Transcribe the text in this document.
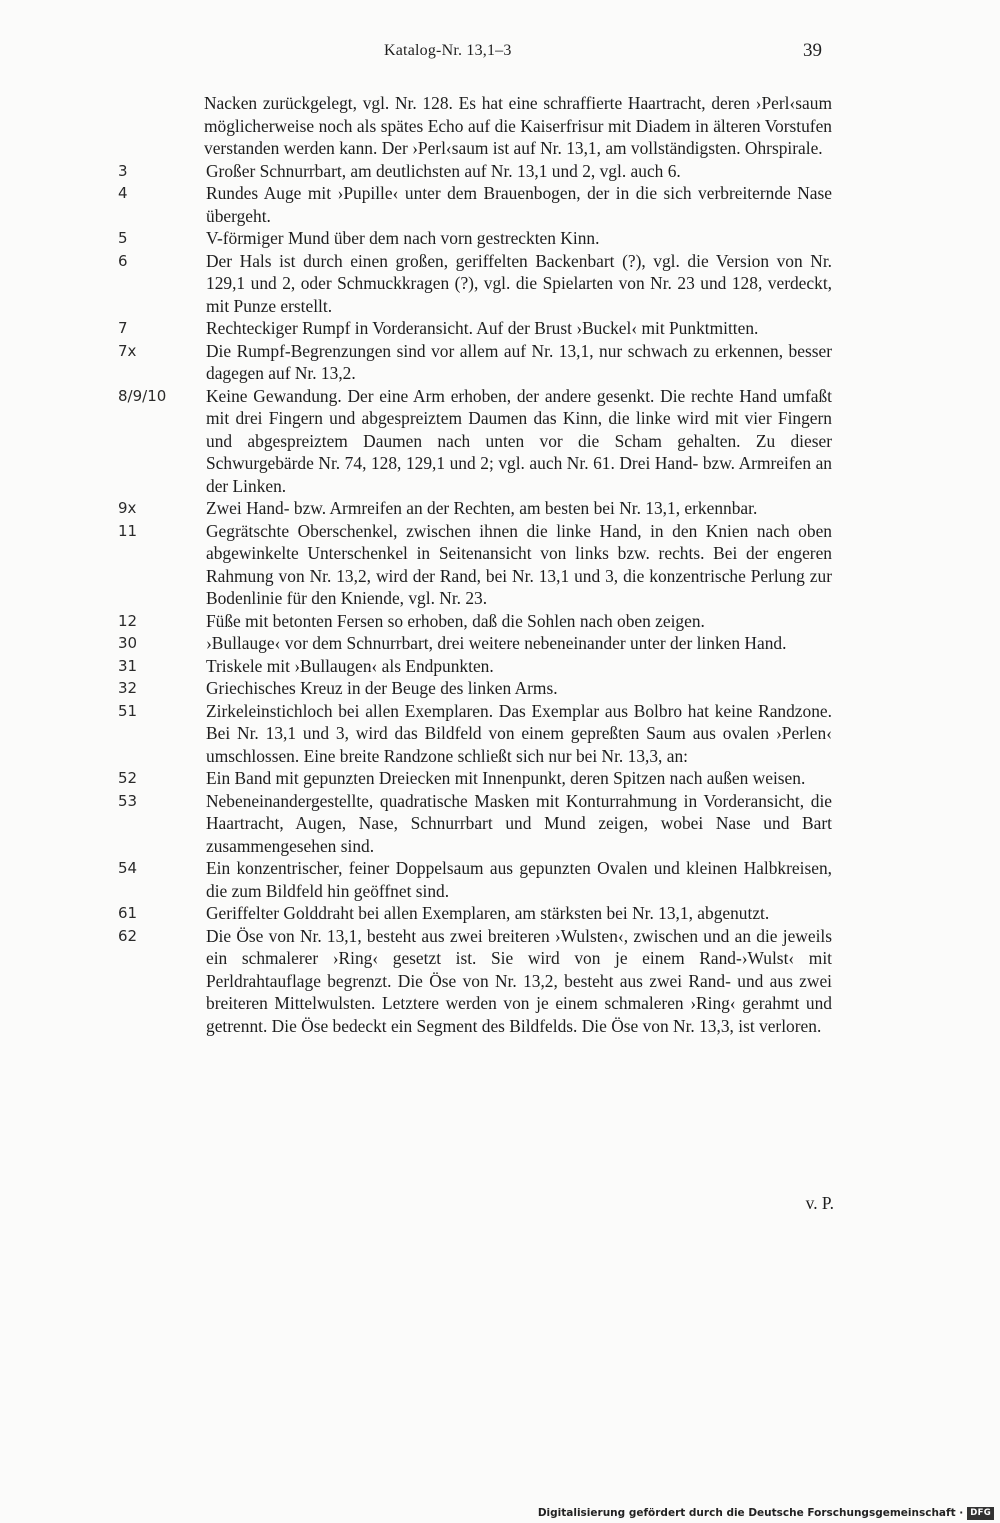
Katalog-Nr. 13,1–3	39
Nacken zurückgelegt, vgl. Nr. 128. Es hat eine schraffierte Haartracht, deren ›Perl‹saum möglicherweise noch als spätes Echo auf die Kaiserfrisur mit Diadem in älteren Vorstufen verstanden werden kann. Der ›Perl‹saum ist auf Nr. 13,1, am vollständigsten. Ohrspirale.
3	Großer Schnurrbart, am deutlichsten auf Nr. 13,1 und 2, vgl. auch 6.
4	Rundes Auge mit ›Pupille‹ unter dem Brauenbogen, der in die sich verbreiternde Nase übergeht.
5	V-förmiger Mund über dem nach vorn gestreckten Kinn.
6	Der Hals ist durch einen großen, geriffelten Backenbart (?), vgl. die Version von Nr. 129,1 und 2, oder Schmuckkragen (?), vgl. die Spielarten von Nr. 23 und 128, verdeckt, mit Punze erstellt.
7	Rechteckiger Rumpf in Vorderansicht. Auf der Brust ›Buckel‹ mit Punktmitten.
7x	Die Rumpf-Begrenzungen sind vor allem auf Nr. 13,1, nur schwach zu erkennen, besser dagegen auf Nr. 13,2.
8/9/10	Keine Gewandung. Der eine Arm erhoben, der andere gesenkt. Die rechte Hand umfaßt mit drei Fingern und abgespreiztem Daumen das Kinn, die linke wird mit vier Fingern und abgespreiztem Daumen nach unten vor die Scham gehalten. Zu dieser Schwurgebärde Nr. 74, 128, 129,1 und 2; vgl. auch Nr. 61. Drei Hand- bzw. Armreifen an der Linken.
9x	Zwei Hand- bzw. Armreifen an der Rechten, am besten bei Nr. 13,1, erkennbar.
11	Gegrätschte Oberschenkel, zwischen ihnen die linke Hand, in den Knien nach oben abgewinkelte Unterschenkel in Seitenansicht von links bzw. rechts. Bei der engeren Rahmung von Nr. 13,2, wird der Rand, bei Nr. 13,1 und 3, die konzentrische Perlung zur Bodenlinie für den Kniende, vgl. Nr. 23.
12	Füße mit betonten Fersen so erhoben, daß die Sohlen nach oben zeigen.
30	›Bullauge‹ vor dem Schnurrbart, drei weitere nebeneinander unter der linken Hand.
31	Triskele mit ›Bullaugen‹ als Endpunkten.
32	Griechisches Kreuz in der Beuge des linken Arms.
51	Zirkeleinstichloch bei allen Exemplaren. Das Exemplar aus Bolbro hat keine Randzone. Bei Nr. 13,1 und 3, wird das Bildfeld von einem gepreßten Saum aus ovalen ›Perlen‹ umschlossen. Eine breite Randzone schließt sich nur bei Nr. 13,3, an:
52	Ein Band mit gepunzten Dreiecken mit Innenpunkt, deren Spitzen nach außen weisen.
53	Nebeneinandergestellte, quadratische Masken mit Konturrahmung in Vorderansicht, die Haartracht, Augen, Nase, Schnurrbart und Mund zeigen, wobei Nase und Bart zusammengesehen sind.
54	Ein konzentrischer, feiner Doppelsaum aus gepunzten Ovalen und kleinen Halbkreisen, die zum Bildfeld hin geöffnet sind.
61	Geriffelter Golddraht bei allen Exemplaren, am stärksten bei Nr. 13,1, abgenutzt.
62	Die Öse von Nr. 13,1, besteht aus zwei breiteren ›Wulsten‹, zwischen und an die jeweils ein schmalerer ›Ring‹ gesetzt ist. Sie wird von je einem Rand-›Wulst‹ mit Perldrahtauflage begrenzt. Die Öse von Nr. 13,2, besteht aus zwei Rand- und aus zwei breiteren Mittelwulsten. Letztere werden von je einem schmaleren ›Ring‹ gerahmt und getrennt. Die Öse bedeckt ein Segment des Bildfelds. Die Öse von Nr. 13,3, ist verloren.
v. P.
Digitalisierung gefördert durch die Deutsche Forschungsgemeinschaft · DFG
